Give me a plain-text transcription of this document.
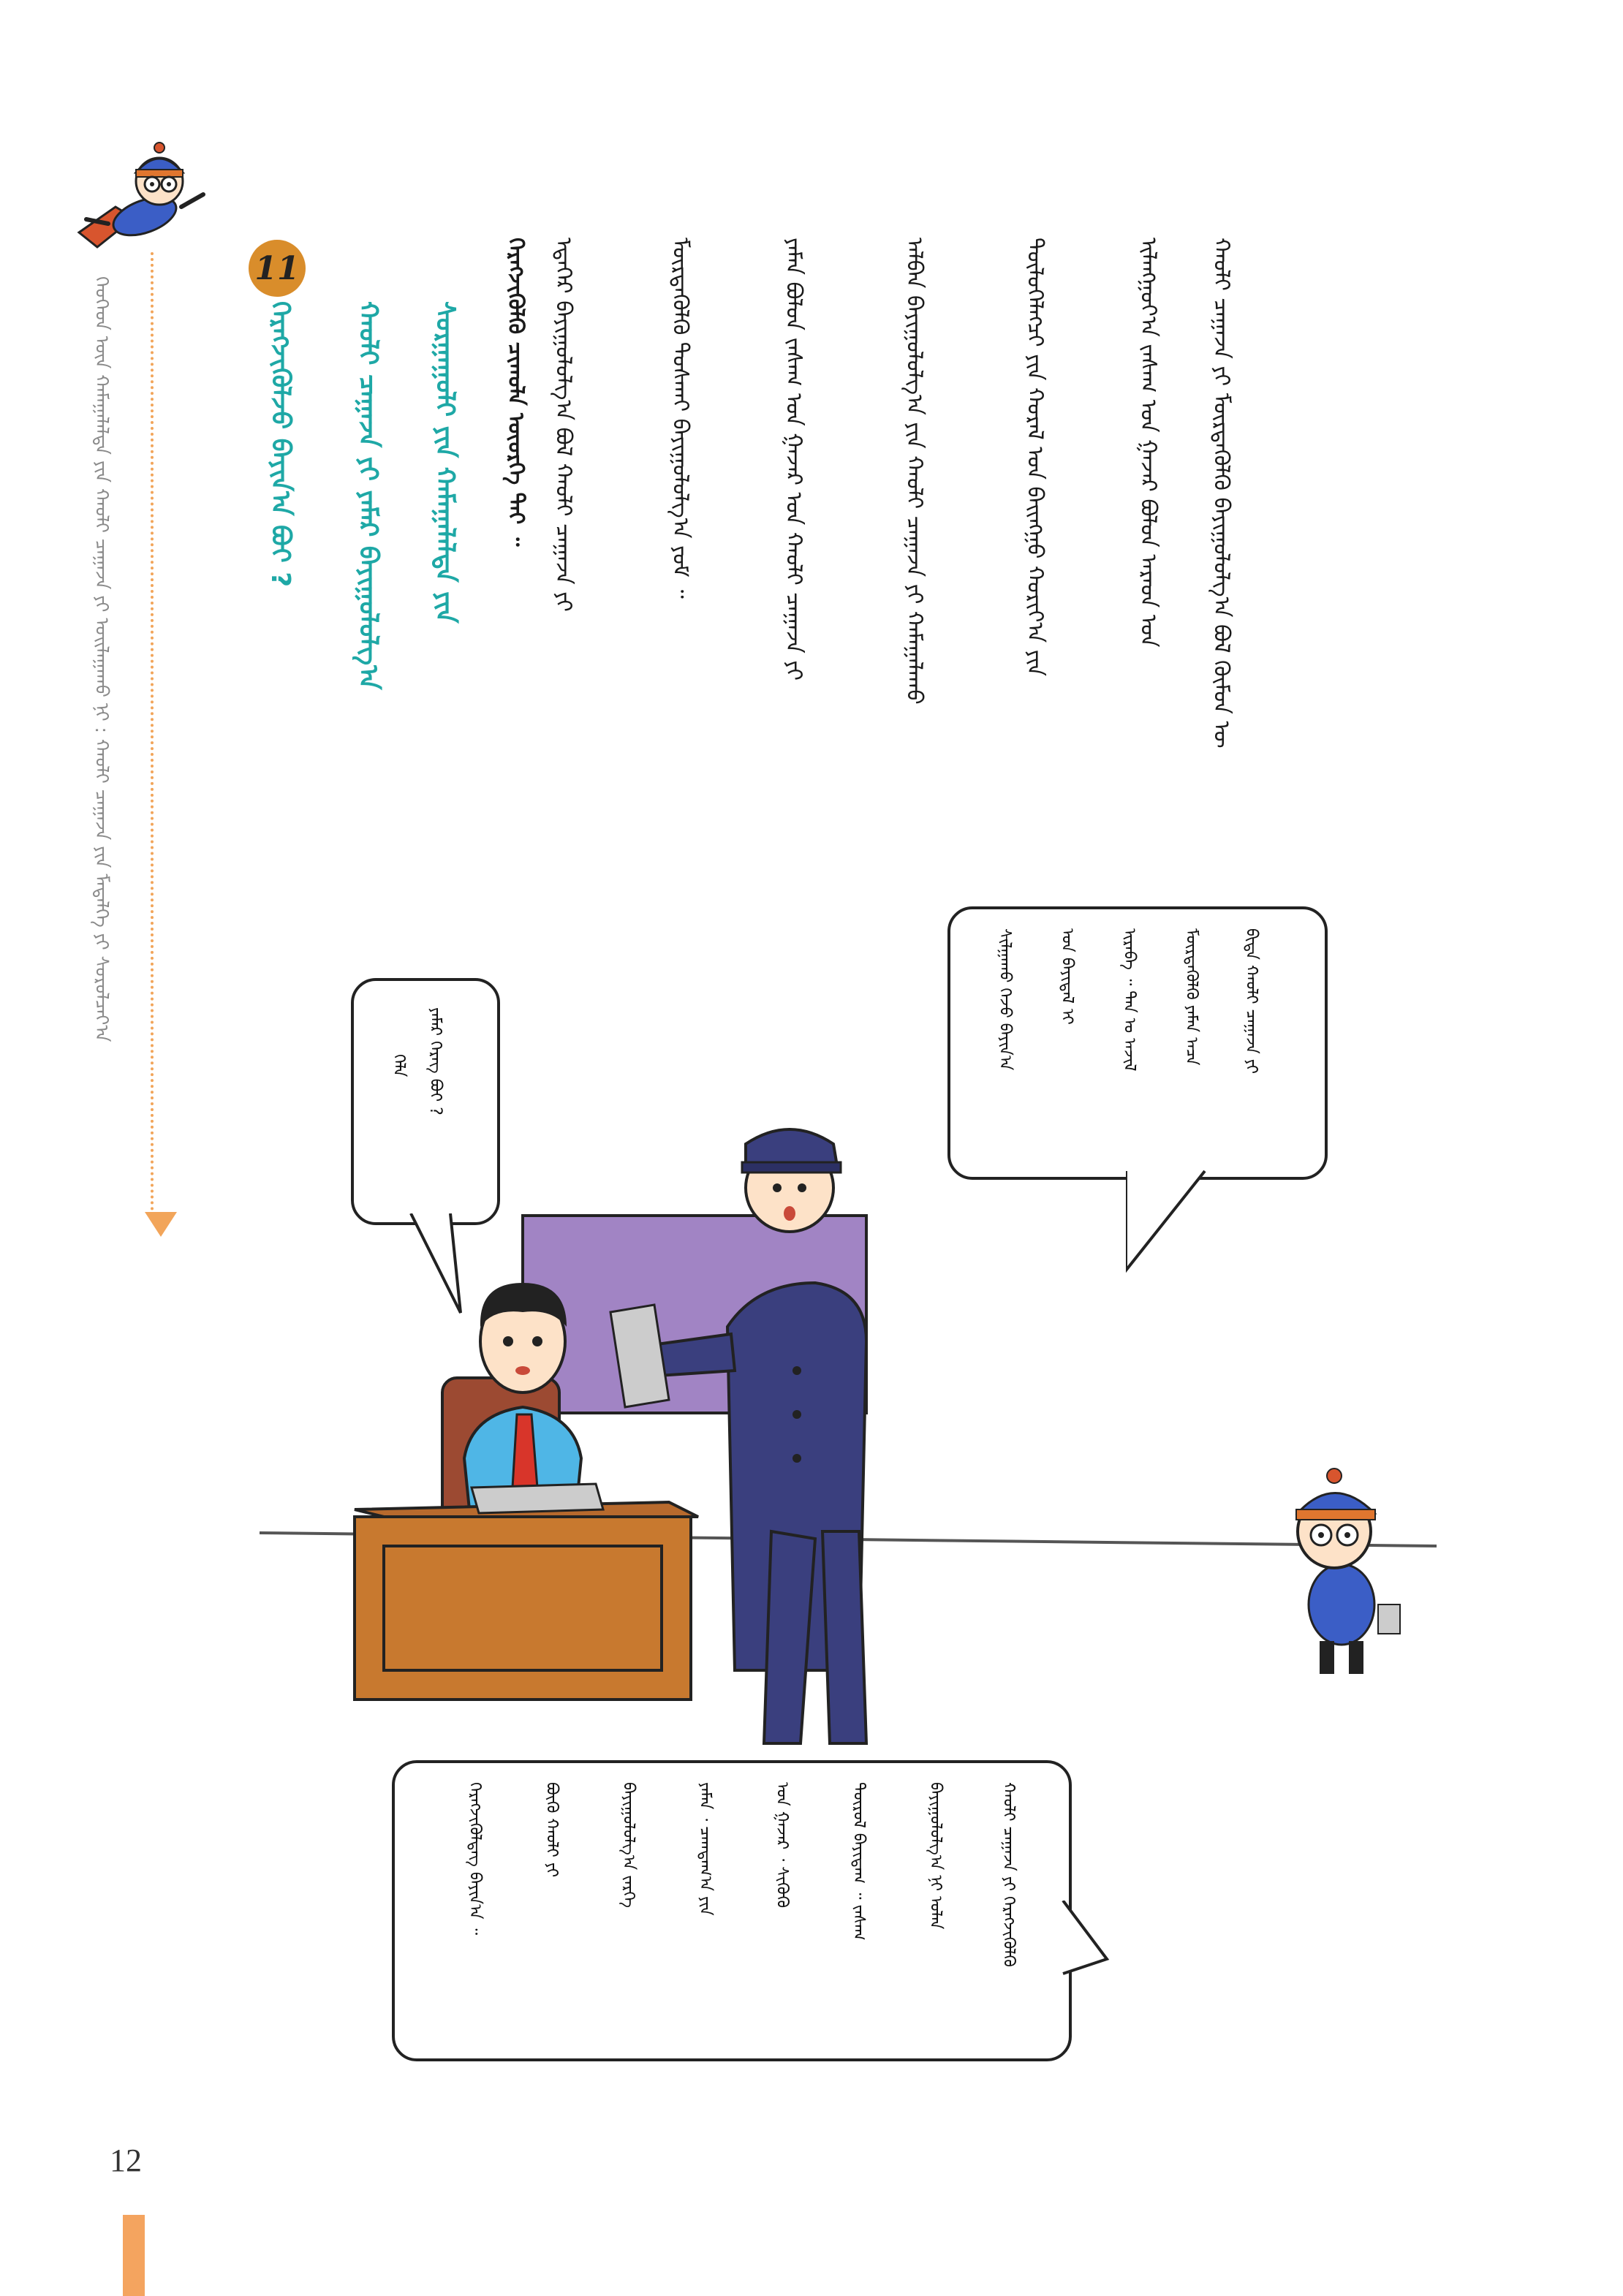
ᠬᠡᠦᠬᠡᠳ ᠦᠨ ᠬᠠᠮᠠᠭᠠᠯᠠᠯᠳᠠ ᠶᠢᠨ ᠬᠠᠤᠯᠢ ᠴᠠᠭᠠᠵᠠ ᠶᠢ ᠤᠢᠯᠠᠭᠠᠬᠤ ᠨᠢ : ᠬᠠᠤᠯᠢ ᠴᠠᠭᠠᠵᠠ ᠶᠢᠨ ᠮᠡᠳᠡᠯᠭᠡ ᠶᠢ ᠰᠤᠷᠤᠯᠴᠠᠶ᠎ᠠ
11
ᠰᠤᠷᠭᠠᠭᠤᠯᠢ ᠶᠢᠨ ᠬᠠᠮᠠᠭᠠᠯᠠᠯᠳᠠ ᠶᠢᠨ
ᠬᠠᠤᠯᠢ ᠴᠠᠭᠠᠵᠠ ᠶᠢ ᠶᠠᠮᠠᠷ ᠪᠠᠶᠢᠭᠤᠯᠤᠯᠭ᠎ᠠ
ᠬᠡᠷᠡᠭᠵᠢᠭᠦᠯᠵᠦ ᠪᠠᠶᠢᠨ᠎ᠠ ᠪᠤᠢ ?	ᠬᠠᠤᠯᠢ ᠴᠠᠭᠠᠵᠠ ᠶᠢ ᠮᠥᠷᠳᠡᠭᠦᠯᠬᠦ ᠪᠠᠶᠢᠭᠤᠯᠤᠯᠭ᠎ᠠ ᠪᠤᠯ ᠬᠦᠮᠦᠨ ᠦ
ᠢᠯᠠᠩᠭᠤᠶ᠎ᠠ ᠵᠠᠰᠠᠭ ᠤᠨ ᠭᠠᠵᠠᠷ ᠪᠤᠯᠤᠨ ᠠᠷᠠᠳ ᠤᠨ
ᠲᠥᠯᠦᠭᠡᠯᠡᠭᠴᠢ ᠶᠢᠨ ᠬᠤᠷᠠᠯ ᠤᠨ ᠪᠠᠢᠩᠭᠤ ᠬᠣᠷᠢᠶ᠎ᠠ ᠶᠢᠨ
ᠠᠯᠪᠠᠨ ᠪᠠᠶᠢᠭᠤᠯᠤᠯᠭ᠎ᠠ ᠶᠢᠨ ᠬᠠᠤᠯᠢ ᠴᠠᠭᠠᠵᠠ ᠶᠢ ᠬᠠᠮᠠᠭᠠᠯᠠᠬᠤ
ᠶᠠᠮᠠᠨ ᠪᠤᠯᠤᠨ ᠵᠠᠰᠠᠭ ᠤᠨ ᠭᠠᠵᠠᠷ ᠤᠨ ᠬᠠᠤᠯᠢ ᠴᠠᠭᠠᠵᠠ ᠶᠢ
ᠮᠥᠷᠳᠡᠭᠦᠯᠬᠦ ᠲᠤᠰᠬᠠᠢ ᠪᠠᠶᠢᠭᠤᠯᠤᠯᠭ᠎ᠠ ᠶᠤᠮ ᠃
ᠡᠳᠡᠭᠡᠷ ᠪᠠᠶᠢᠭᠤᠯᠤᠯᠭ᠎ᠠ ᠪᠤᠯ ᠬᠠᠤᠯᠢ ᠴᠠᠭᠠᠵᠠ ᠶᠢ
ᠬᠡᠷᠡᠭᠵᠢᠭᠦᠯᠬᠦ ᠴᠢᠬᠤᠯᠠ ᠦᠦᠷᠭᠡ ᠲᠠᠢ ᠃
ᠶᠠᠮᠠᠷ ᠬᠡᠷᠡᠭ ᠪᠤᠢ ?
ᠬᠡᠯᠡ	ᠪᠢᠳᠡ ᠬᠠᠤᠯᠢ ᠴᠠᠭᠠᠵᠠ ᠶᠢ
ᠮᠥᠷᠳᠡᠭᠦᠯᠬᠦ ᠶᠠᠮᠠᠨ ᠠᠴᠠ
ᠢᠷᠡᠪᠡ ᠃ ᠲᠠᠨ ᠤ ᠠᠵᠢᠯ
ᠤᠨ ᠪᠠᠶᠢᠳᠠᠯ ᠢ
ᠰᠢᠯᠭᠠᠬᠤ ᠭᠡᠵᠦ ᠪᠠᠶᠢᠨ᠎ᠠ
ᠬᠠᠤᠯᠢ ᠴᠠᠭᠠᠵᠠ ᠶᠢ ᠬᠡᠷᠡᠭᠵᠢᠭᠦᠯᠬᠦ
ᠪᠠᠶᠢᠭᠤᠯᠤᠯᠭ᠎ᠠ ᠨᠢ ᠣᠯᠠᠨ
ᠲᠥᠷᠦᠯ ᠪᠠᠶᠢᠳᠠᠭ ᠃ ᠵᠠᠰᠠᠭ
ᠤᠨ ᠭᠠᠵᠠᠷ ᠂ ᠰᠢᠭᠦᠬᠦ
ᠶᠠᠮᠠᠨ ᠂ ᠴᠠᠭᠳᠠᠭ᠎ᠠ ᠶᠢᠨ
ᠪᠠᠶᠢᠭᠤᠯᠤᠯᠭ᠎ᠠ ᠵᠡᠷᠭᠡ
ᠪᠦᠬᠦ ᠬᠠᠤᠯᠢ ᠶᠢ
ᠬᠡᠷᠡᠭᠵᠢᠭᠦᠯᠳᠡᠭ ᠪᠠᠶᠢᠨ᠎ᠠ ᠃
12
